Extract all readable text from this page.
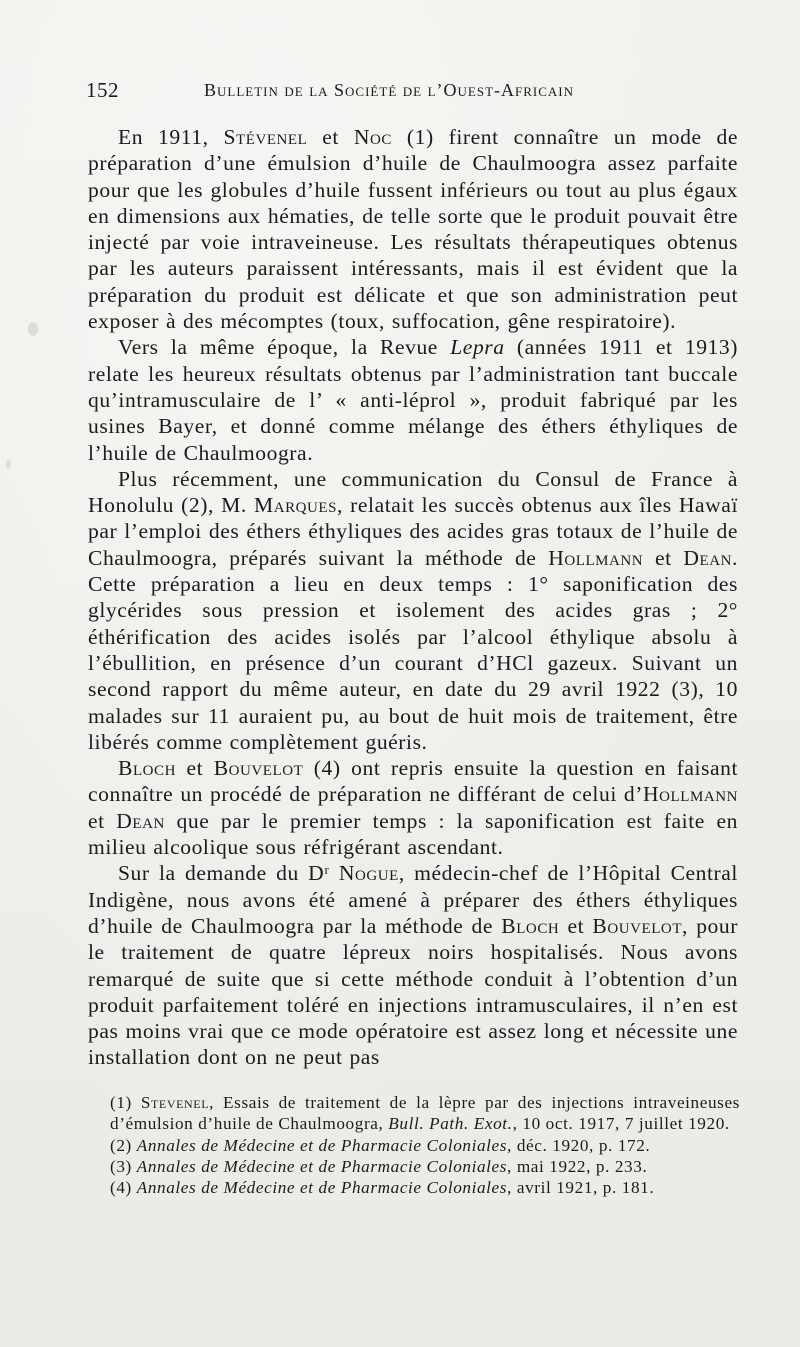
152	Bulletin de la Société de l’Ouest-Africain

En 1911, Stévenel et Noc (1) firent connaître un mode de préparation d’une émulsion d’huile de Chaulmoogra assez parfaite pour que les globules d’huile fussent inférieurs ou tout au plus égaux en dimensions aux hématies, de telle sorte que le produit pouvait être injecté par voie intraveineuse. Les résultats thérapeutiques obtenus par les auteurs paraissent intéressants, mais il est évident que la préparation du produit est délicate et que son administration peut exposer à des mécomptes (toux, suffocation, gêne respiratoire).

Vers la même époque, la Revue Lepra (années 1911 et 1913) relate les heureux résultats obtenus par l’administration tant buccale qu’intramusculaire de l’ « anti-léprol », produit fabriqué par les usines Bayer, et donné comme mélange des éthers éthyliques de l’huile de Chaulmoogra.

Plus récemment, une communication du Consul de France à Honolulu (2), M. Marques, relatait les succès obtenus aux îles Hawaï par l’emploi des éthers éthyliques des acides gras totaux de l’huile de Chaulmoogra, préparés suivant la méthode de Hollmann et Dean. Cette préparation a lieu en deux temps : 1° saponification des glycérides sous pression et isolement des acides gras ; 2° éthérification des acides isolés par l’alcool éthylique absolu à l’ébullition, en présence d’un courant d’HCl gazeux. Suivant un second rapport du même auteur, en date du 29 avril 1922 (3), 10 malades sur 11 auraient pu, au bout de huit mois de traitement, être libérés comme complètement guéris.

Bloch et Bouvelot (4) ont repris ensuite la question en faisant connaître un procédé de préparation ne différant de celui d’Hollmann et Dean que par le premier temps : la saponification est faite en milieu alcoolique sous réfrigérant ascendant.

Sur la demande du Dʳ Nogue, médecin-chef de l’Hôpital Central Indigène, nous avons été amené à préparer des éthers éthyliques d’huile de Chaulmoogra par la méthode de Bloch et Bouvelot, pour le traitement de quatre lépreux noirs hospitalisés. Nous avons remarqué de suite que si cette méthode conduit à l’obtention d’un produit parfaitement toléré en injections intramusculaires, il n’en est pas moins vrai que ce mode opératoire est assez long et nécessite une installation dont on ne peut pas

(1) Stevenel, Essais de traitement de la lèpre par des injections intraveineuses d’émulsion d’huile de Chaulmoogra, Bull. Path. Exot., 10 oct. 1917, 7 juillet 1920.

(2) Annales de Médecine et de Pharmacie Coloniales, déc. 1920, p. 172.

(3) Annales de Médecine et de Pharmacie Coloniales, mai 1922, p. 233.

(4) Annales de Médecine et de Pharmacie Coloniales, avril 1921, p. 181.
